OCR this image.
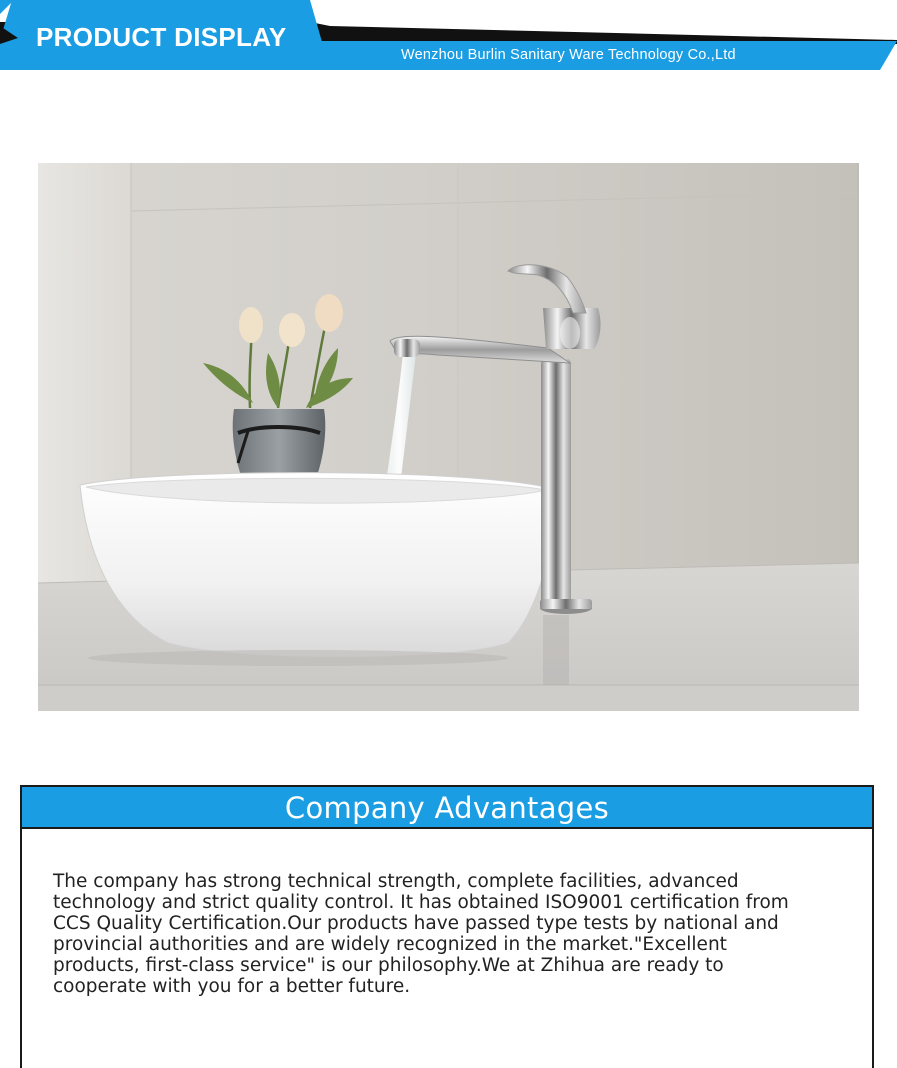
PRODUCT DISPLAY
Wenzhou Burlin Sanitary Ware Technology Co.,Ltd
Company Advantages
The company has strong technical strength, complete facilities, advanced
technology and strict quality control. It has obtained ISO9001 certification from
CCS Quality Certification.Our products have passed type tests by national and
provincial authorities and are widely recognized in the market."Excellent
products, first-class service" is our philosophy.We at Zhihua are ready to
cooperate with you for a better future.
